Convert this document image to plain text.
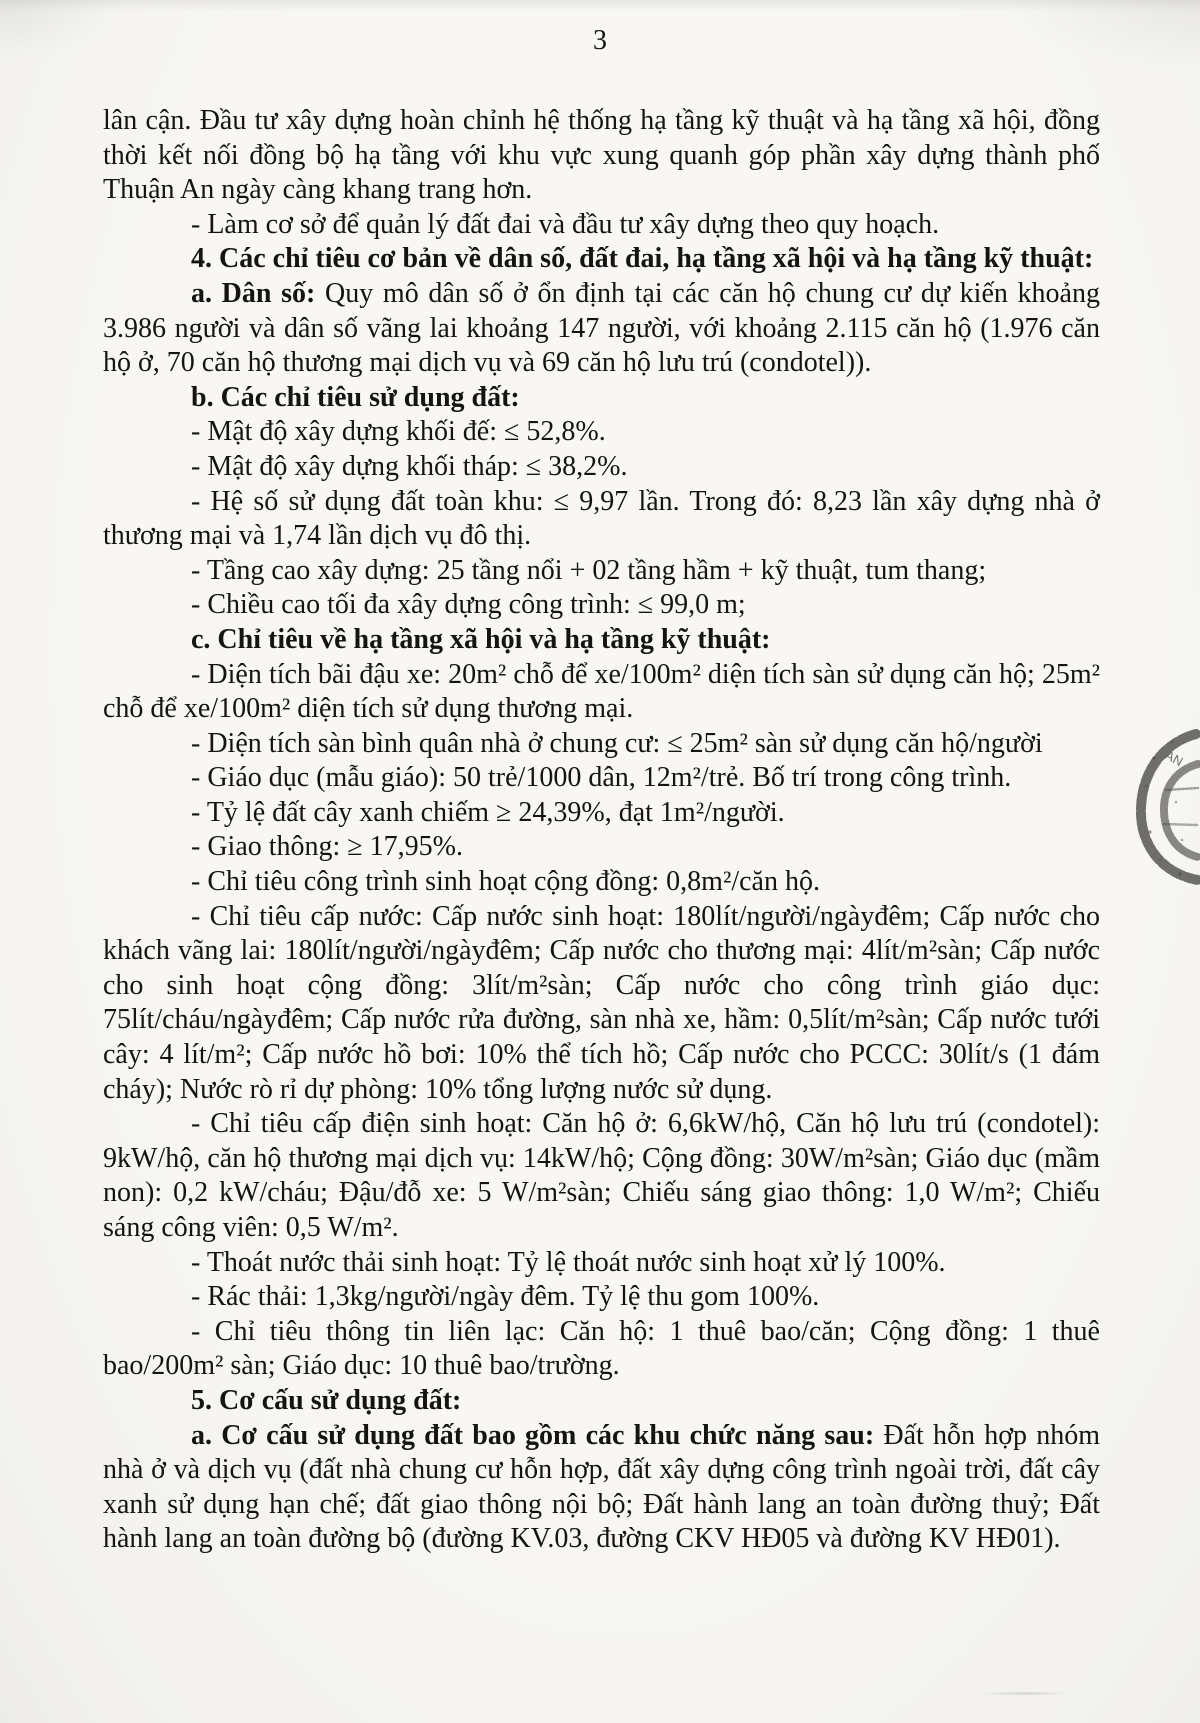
3

lân cận. Đầu tư xây dựng hoàn chỉnh hệ thống hạ tầng kỹ thuật và hạ tầng xã hội, đồng thời kết nối đồng bộ hạ tầng với khu vực xung quanh góp phần xây dựng thành phố Thuận An ngày càng khang trang hơn.

- Làm cơ sở để quản lý đất đai và đầu tư xây dựng theo quy hoạch.

4. Các chỉ tiêu cơ bản về dân số, đất đai, hạ tầng xã hội và hạ tầng kỹ thuật:

a. Dân số: Quy mô dân số ở ổn định tại các căn hộ chung cư dự kiến khoảng 3.986 người và dân số vãng lai khoảng 147 người, với khoảng 2.115 căn hộ (1.976 căn hộ ở, 70 căn hộ thương mại dịch vụ và 69 căn hộ lưu trú (condotel)).

b. Các chỉ tiêu sử dụng đất:

- Mật độ xây dựng khối đế: ≤ 52,8%.

- Mật độ xây dựng khối tháp: ≤ 38,2%.

- Hệ số sử dụng đất toàn khu: ≤ 9,97 lần. Trong đó: 8,23 lần xây dựng nhà ở thương mại và 1,74 lần dịch vụ đô thị.

- Tầng cao xây dựng: 25 tầng nổi + 02 tầng hầm + kỹ thuật, tum thang;

- Chiều cao tối đa xây dựng công trình: ≤ 99,0 m;

c. Chỉ tiêu về hạ tầng xã hội và hạ tầng kỹ thuật:

- Diện tích bãi đậu xe: 20m² chỗ để xe/100m² diện tích sàn sử dụng căn hộ; 25m² chỗ để xe/100m² diện tích sử dụng thương mại.

- Diện tích sàn bình quân nhà ở chung cư: ≤ 25m² sàn sử dụng căn hộ/người

- Giáo dục (mẫu giáo): 50 trẻ/1000 dân, 12m²/trẻ. Bố trí trong công trình.

- Tỷ lệ đất cây xanh chiếm ≥ 24,39%, đạt 1m²/người.

- Giao thông: ≥ 17,95%.

- Chỉ tiêu công trình sinh hoạt cộng đồng: 0,8m²/căn hộ.

- Chỉ tiêu cấp nước: Cấp nước sinh hoạt: 180lít/người/ngàyđêm; Cấp nước cho khách vãng lai: 180lít/người/ngàyđêm; Cấp nước cho thương mại: 4lít/m²sàn; Cấp nước cho sinh hoạt cộng đồng: 3lít/m²sàn; Cấp nước cho công trình giáo dục: 75lít/cháu/ngàyđêm; Cấp nước rửa đường, sàn nhà xe, hầm: 0,5lít/m²sàn; Cấp nước tưới cây: 4 lít/m²; Cấp nước hồ bơi: 10% thể tích hồ; Cấp nước cho PCCC: 30lít/s (1 đám cháy); Nước rò rỉ dự phòng: 10% tổng lượng nước sử dụng.

- Chỉ tiêu cấp điện sinh hoạt: Căn hộ ở: 6,6kW/hộ, Căn hộ lưu trú (condotel): 9kW/hộ, căn hộ thương mại dịch vụ: 14kW/hộ; Cộng đồng: 30W/m²sàn; Giáo dục (mầm non): 0,2 kW/cháu; Đậu/đỗ xe: 5 W/m²sàn; Chiếu sáng giao thông: 1,0 W/m²; Chiếu sáng công viên: 0,5 W/m².

- Thoát nước thải sinh hoạt: Tỷ lệ thoát nước sinh hoạt xử lý 100%.

- Rác thải: 1,3kg/người/ngày đêm. Tỷ lệ thu gom 100%.

- Chỉ tiêu thông tin liên lạc: Căn hộ: 1 thuê bao/căn; Cộng đồng: 1 thuê bao/200m² sàn; Giáo dục: 10 thuê bao/trường.

5. Cơ cấu sử dụng đất:

a. Cơ cấu sử dụng đất bao gồm các khu chức năng sau: Đất hỗn hợp nhóm nhà ở và dịch vụ (đất nhà chung cư hỗn hợp, đất xây dựng công trình ngoài trời, đất cây xanh sử dụng hạn chế; đất giao thông nội bộ; Đất hành lang an toàn đường thuỷ; Đất hành lang an toàn đường bộ (đường KV.03, đường CKV HĐ05 và đường KV HĐ01).

AN
